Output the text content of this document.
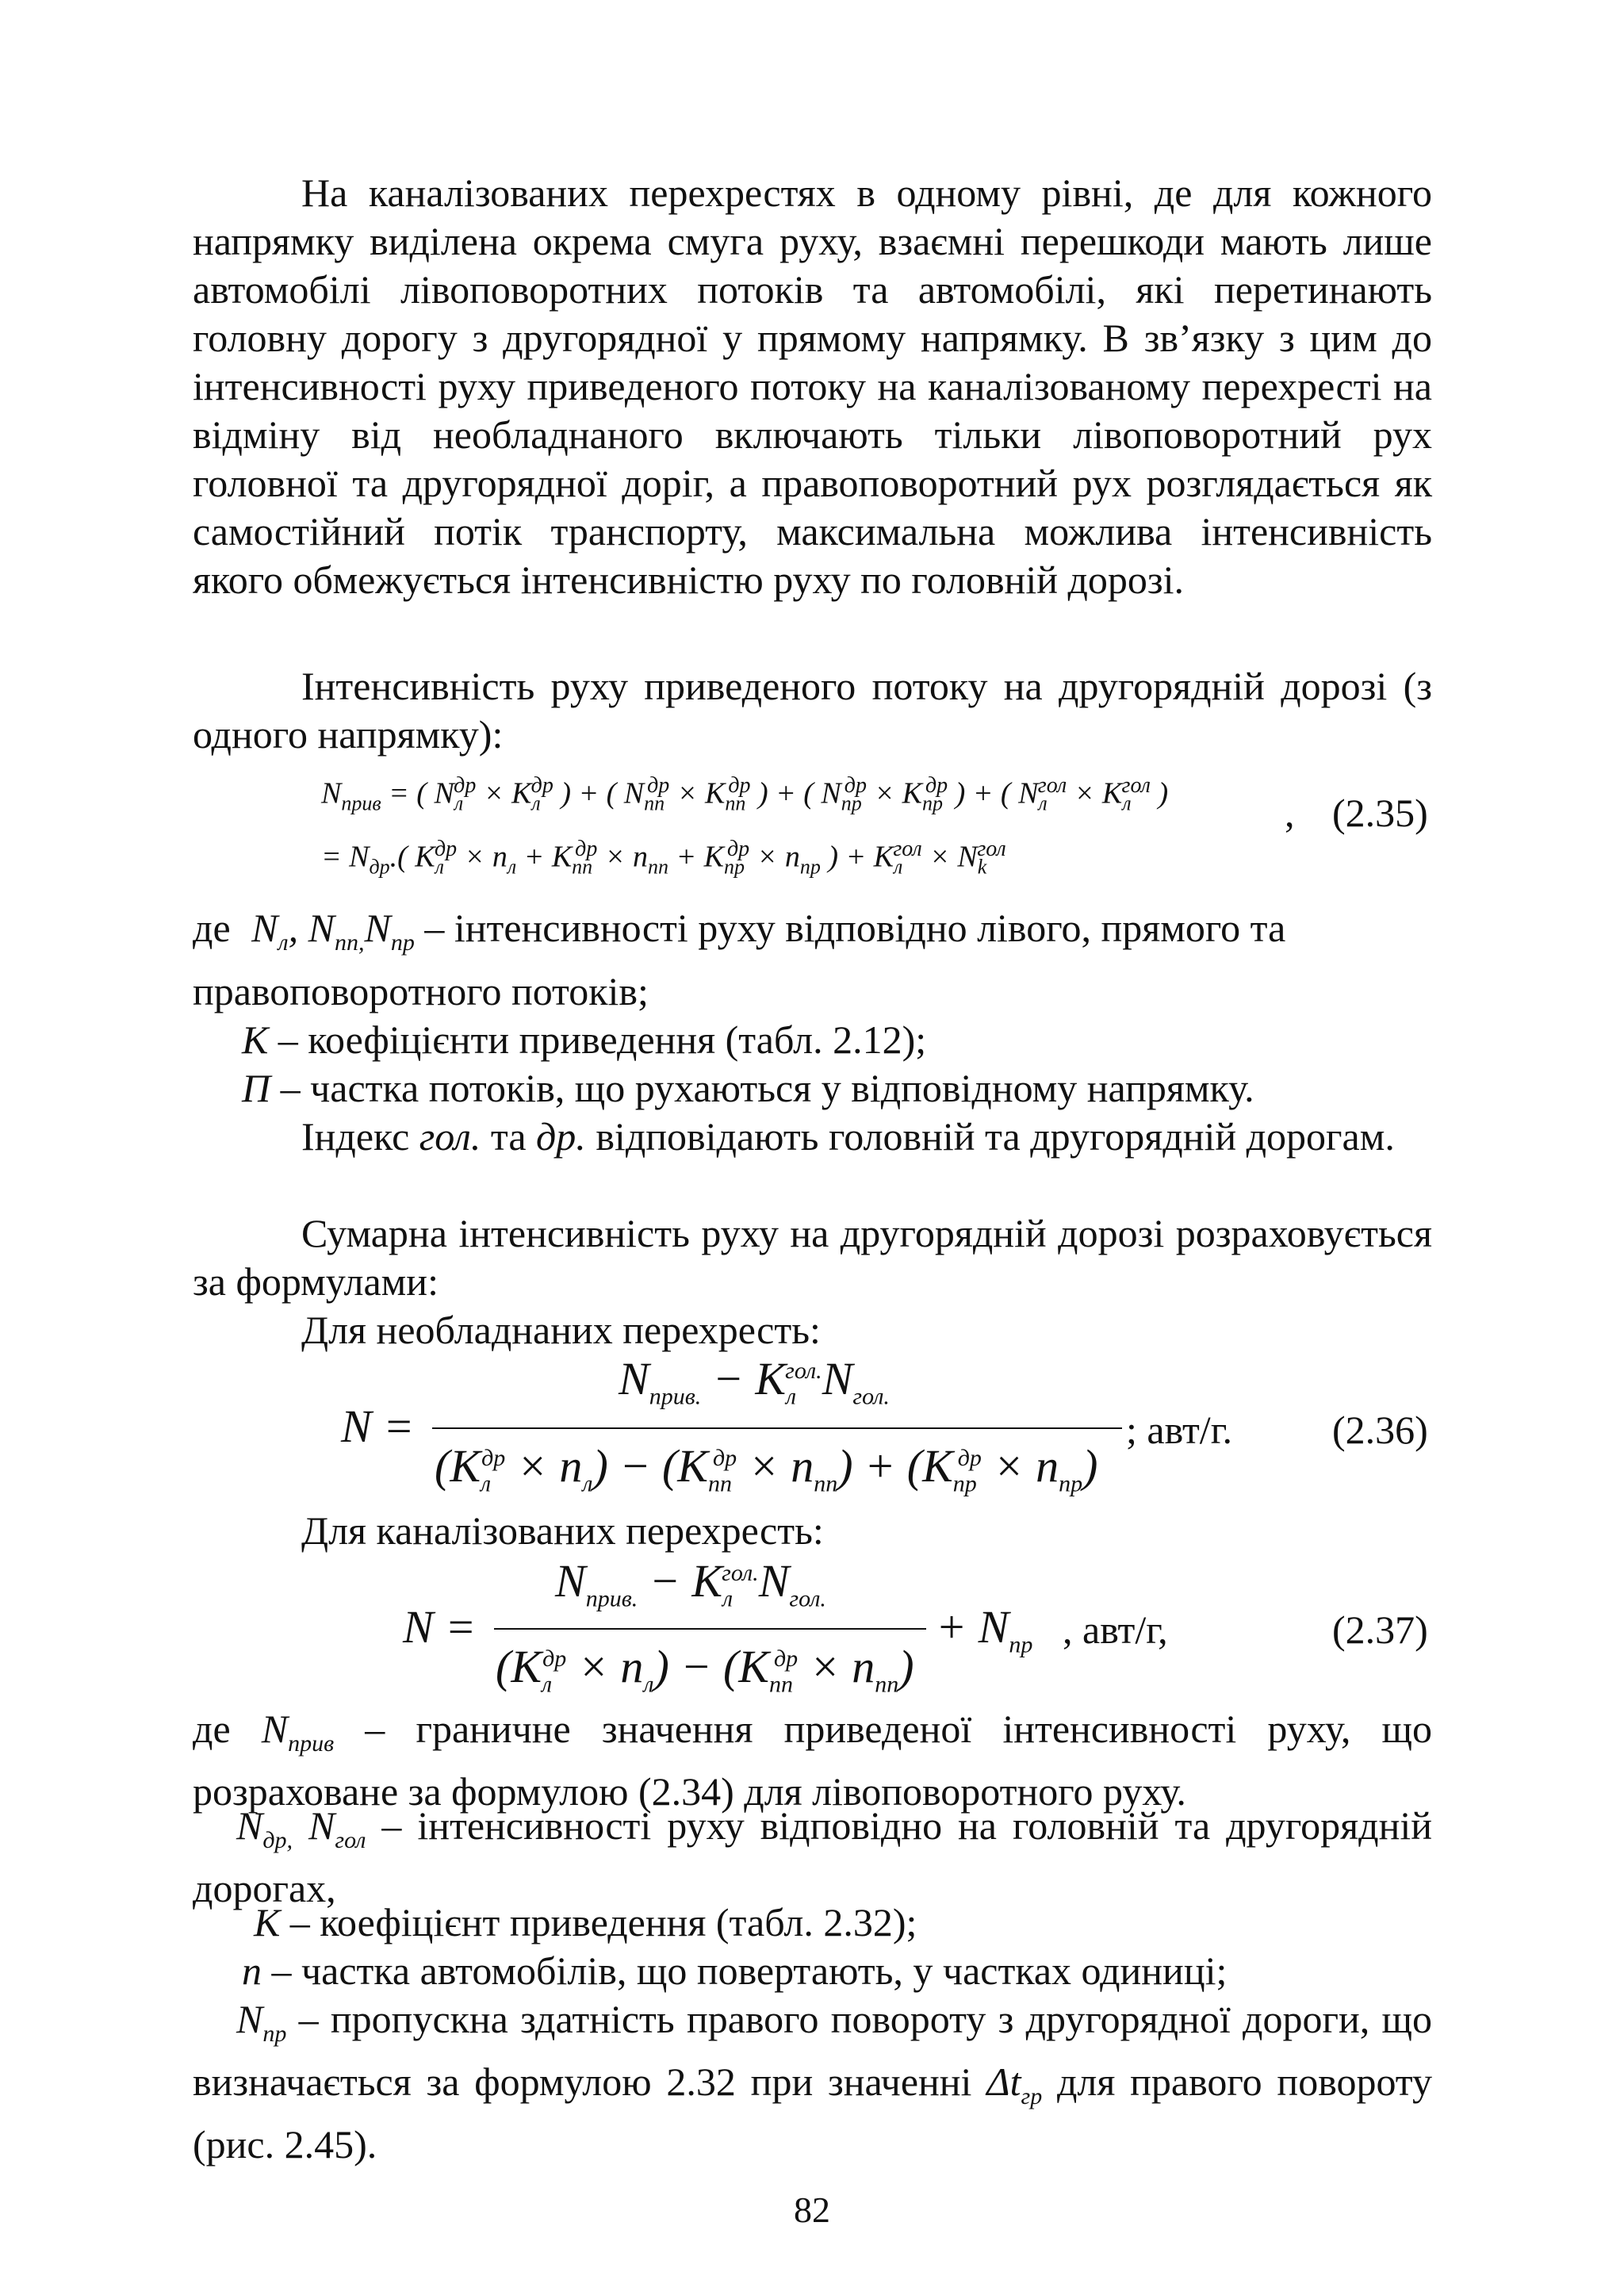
На каналізованих перехрестях в одному рівні, де для кожного напрямку виділена окрема смуга руху, взаємні перешкоди мають лише автомобілі лівоповоротних потоків та автомобілі, які перетинають головну дорогу з другорядної у прямому напрямку. В зв’язку з цим до інтенсивності руху приведеного потоку на каналізованому перехресті на відміну від необладнаного включають тільки лівоповоротний рух головної та другорядної доріг, а правоповоротний рух розглядається як самостійний потік транспорту, максимальна можлива інтенсивність якого обмежується інтенсивністю руху по головній дорозі.
Інтенсивність руху приведеного потоку на другорядній дорозі (з одного напрямку):
$N_{прив}$ = ( $N_л^{др} \times K_л^{др}$ ) + ( $N_{пп}^{др} \times K_{пп}^{др}$ ) + ( $N_{пр}^{др} \times K_{пр}^{др}$ ) + ( $N_л^{гол} \times K_л^{гол}$ )	, (2.35)
= $N_{др}$.( $K_л^{др} \times n_л + K_{пп}^{др} \times n_{пп} + K_{пр}^{др} \times n_{пр}$ ) + $K_л^{гол} \times N_k^{гол}$
де $N_л$, $N_{пп,}N_{пр}$ – інтенсивності руху відповідно лівого, прямого та
правоповоротного потоків;
К – коефіцієнти приведення (табл. 2.12);
П – частка потоків, що рухаються у відповідному напрямку.
Індекс гол. та др. відповідають головній та другорядній дорогам.
Сумарна інтенсивність руху на другорядній дорозі розраховується за формулами:
Для необладнаних перехресть:
N =
$N_{прив.} - K_л^{гол.}N_{гол.}$
$(K_л^{др} \times n_л) - (K_{пп}^{др} \times n_{пп}) + (K_{пр}^{др} \times n_{пр})$
; авт/г.	(2.36)
Для каналізованих перехресть:
N =
$N_{прив.} - K_л^{гол.}N_{гол.}$
$(K_л^{др} \times n_л) - (K_{пп}^{др} \times n_{пп})$
+ $N_{пр}$ , авт/г,	(2.37)
де $N_{прив}$ – граничне значення приведеної інтенсивності руху, що розраховане за формулою (2.34) для лівоповоротного руху.
$N_{др,}$ $N_{гол}$ – інтенсивності руху відповідно на головній та другорядній дорогах,
К – коефіцієнт приведення (табл. 2.32);
n – частка автомобілів, що повертають, у частках одиниці;
$N_{пр}$ – пропускна здатність правого повороту з другорядної дороги, що визначається за формулою 2.32 при значенні $\Delta t_{гр}$ для правого повороту (рис. 2.45).
82
